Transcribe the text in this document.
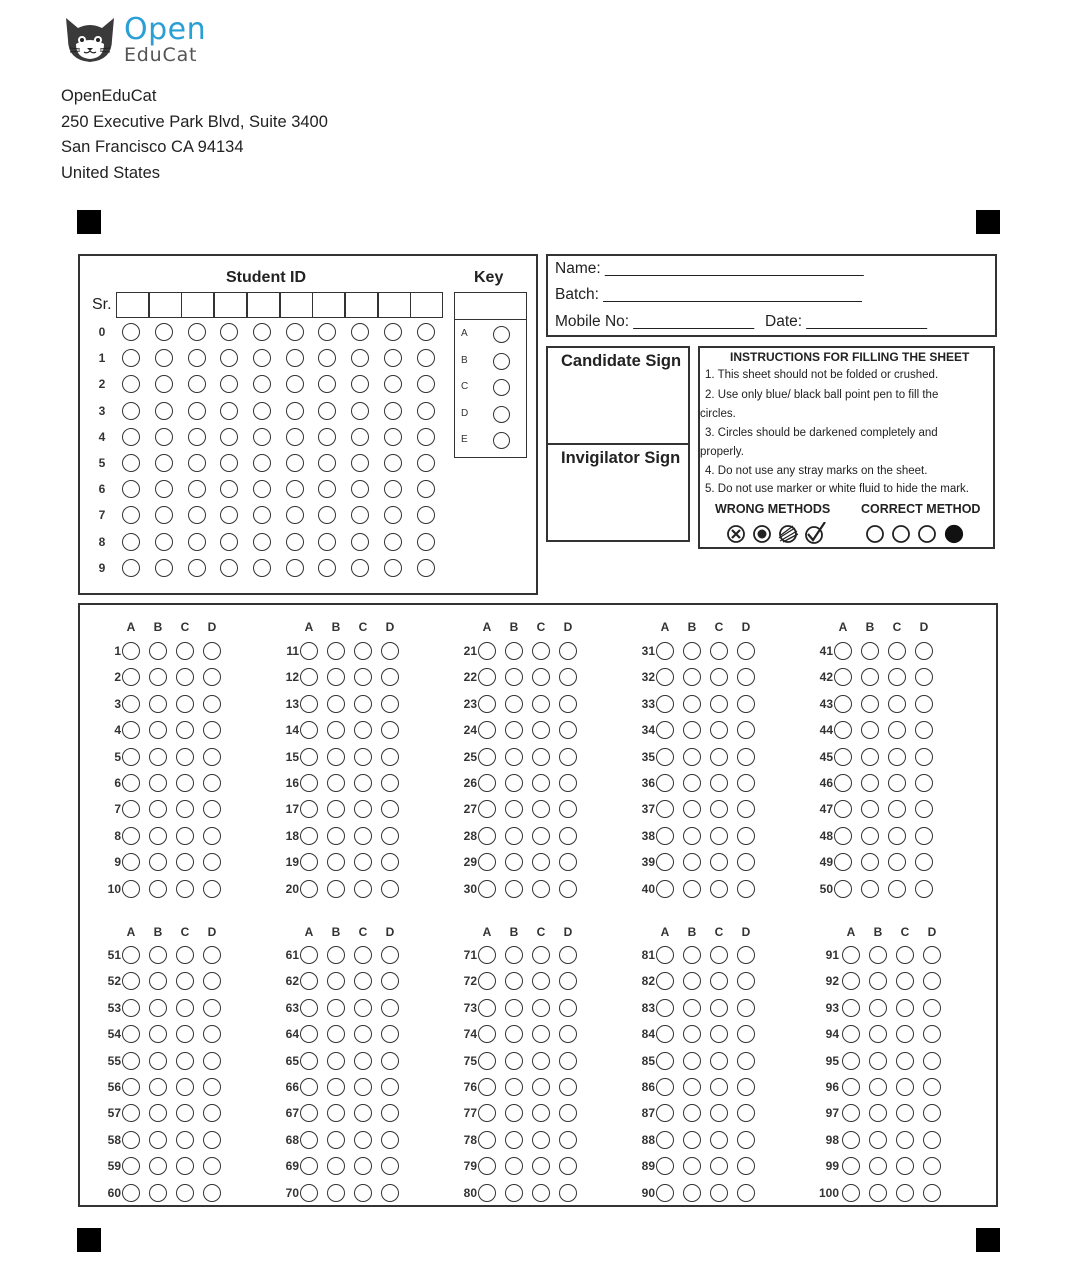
Open
EduCat
OpenEduCat
250 Executive Park Blvd, Suite 3400
San Francisco CA 94134
United States
Student ID	Key
Sr.
0
1
2
3
4
5
6
7
8
9
A
B
C
D
E
Name: ______________________________
Batch: ______________________________
Mobile No: ______________ Date: ______________
Candidate Sign
Invigilator Sign
INSTRUCTIONS FOR FILLING THE SHEET
1. This sheet should not be folded or crushed.
2. Use only blue/ black ball point pen to fill the
circles.
3. Circles should be darkened completely and
properly.
4. Do not use any stray marks on the sheet.
5. Do not use marker or white fluid to hide the mark.
WRONG METHODS CORRECT METHOD
A B C D
1
2
3
4
5
6
7
8
9
10
A B C D
11
12
13
14
15
16
17
18
19
20
A B C D
21
22
23
24
25
26
27
28
29
30
A B C D
31
32
33
34
35
36
37
38
39
40
A B C D
41
42
43
44
45
46
47
48
49
50
A B C D
51
52
53
54
55
56
57
58
59
60
A B C D
61
62
63
64
65
66
67
68
69
70
A B C D
71
72
73
74
75
76
77
78
79
80
A B C D
81
82
83
84
85
86
87
88
89
90
A B C D
91
92
93
94
95
96
97
98
99
100
